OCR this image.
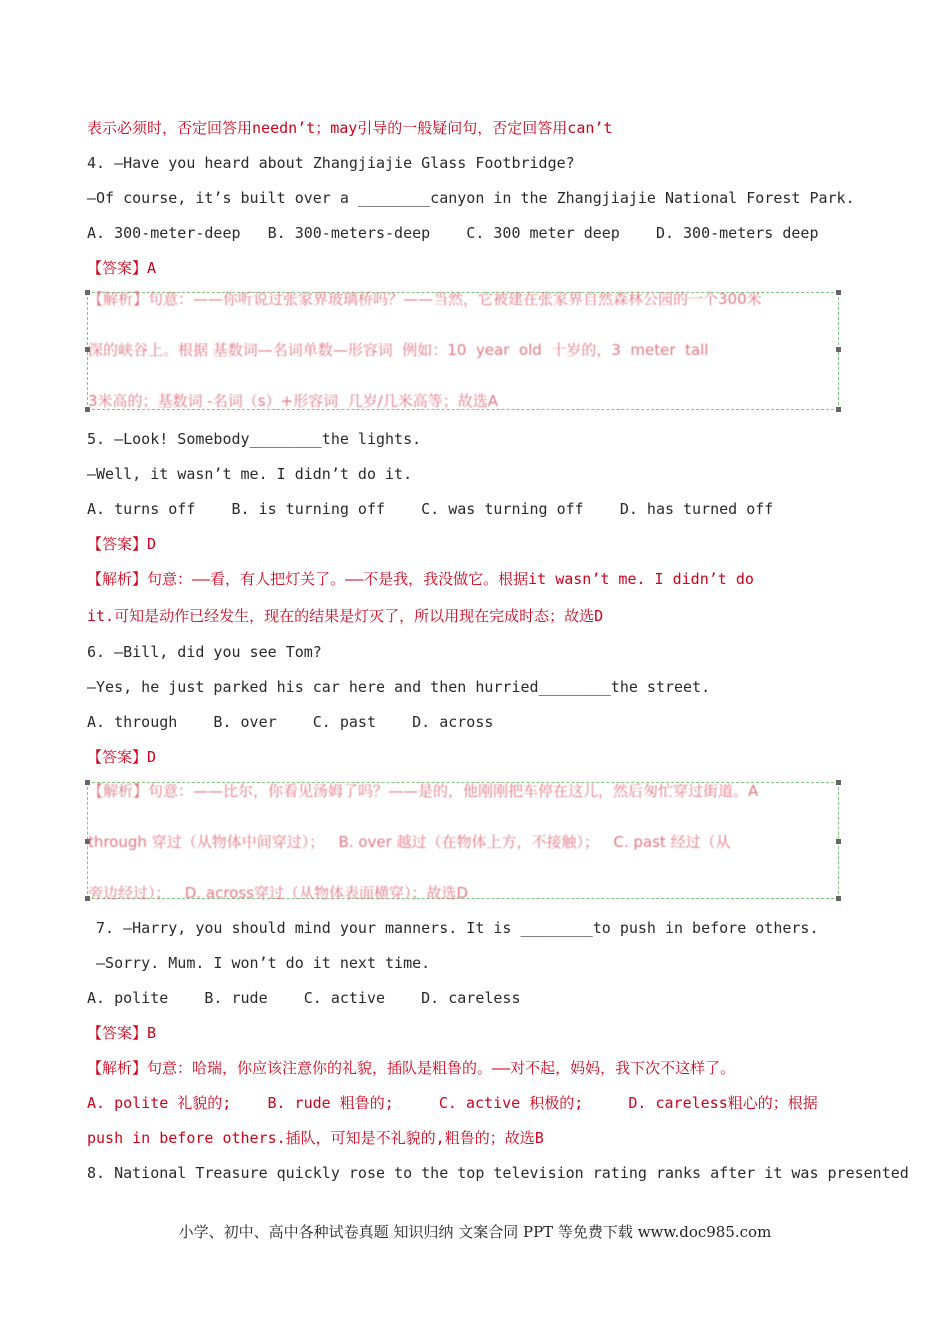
表示必须时，否定回答用needn’t；may引导的一般疑问句，否定回答用can’t
4. —Have you heard about Zhangjiajie Glass Footbridge?
—Of course, it’s built over a ________canyon in the Zhangjiajie National Forest Park.
A. 300-meter-deep   B. 300-meters-deep    C. 300 meter deep    D. 300-meters deep
【答案】A
【解析】句意：——你听说过张家界玻璃桥吗？——当然，它被建在张家界自然森林公园的一个300米
深的峡谷上。根据 基数词—名词单数—形容词  例如：10  year  old  十岁的，3  meter  tall
3米高的；基数词 -名词（s）+形容词  几岁/几米高等；故选A
5. —Look! Somebody________the lights.
—Well, it wasn’t me. I didn’t do it.
A. turns off    B. is turning off    C. was turning off    D. has turned off
【答案】D
【解析】句意：——看，有人把灯关了。——不是我，我没做它。根据it wasn’t me. I didn’t do
it.可知是动作已经发生，现在的结果是灯灭了，所以用现在完成时态；故选D
6. —Bill, did you see Tom?
—Yes, he just parked his car here and then hurried________the street.
A. through    B. over    C. past    D. across
【答案】D
【解析】句意：——比尔，你看见汤姆了吗？——是的，他刚刚把车停在这儿，然后匆忙穿过街道。A
through 穿过（从物体中间穿过）；   B. over 越过（在物体上方，不接触）；   C. past 经过（从
旁边经过）；   D. across穿过（从物体表面横穿）；故选D
7. —Harry, you should mind your manners. It is ________to push in before others.
—Sorry. Mum. I won’t do it next time.
A. polite    B. rude    C. active    D. careless
【答案】B
【解析】句意：哈瑞，你应该注意你的礼貌，插队是粗鲁的。——对不起，妈妈，我下次不这样了。
A. polite 礼貌的;    B. rude 粗鲁的;     C. active 积极的;     D. careless粗心的；根据
push in before others.插队，可知是不礼貌的,粗鲁的；故选B
8. National Treasure quickly rose to the top television rating ranks after it was presented
小学、初中、高中各种试卷真题 知识归纳 文案合同 PPT 等免费下载 www.doc985.com
